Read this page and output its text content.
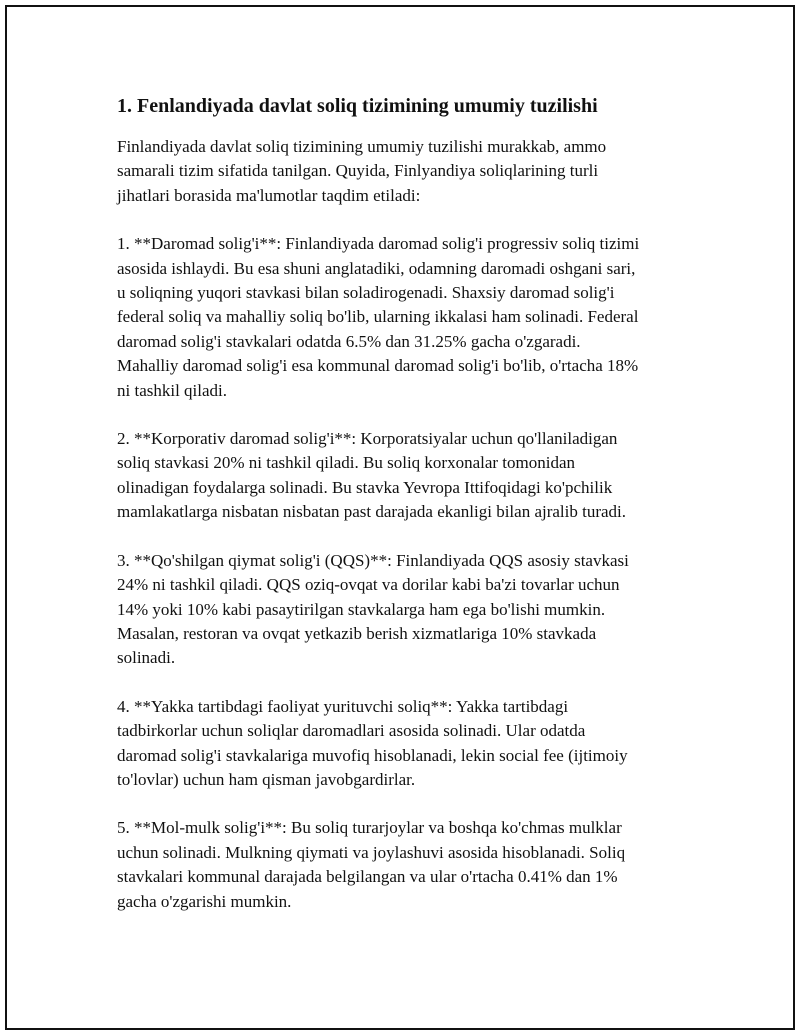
1. Fenlandiyada davlat soliq tizimining umumiy tuzilishi

Finlandiyada davlat soliq tizimining umumiy tuzilishi murakkab, ammo
samarali tizim sifatida tanilgan. Quyida, Finlyandiya soliqlarining turli
jihatlari borasida ma'lumotlar taqdim etiladi:

1. **Daromad solig'i**: Finlandiyada daromad solig'i progressiv soliq tizimi
asosida ishlaydi. Bu esa shuni anglatadiki, odamning daromadi oshgani sari,
u soliqning yuqori stavkasi bilan soladirogenadi. Shaxsiy daromad solig'i
federal soliq va mahalliy soliq bo'lib, ularning ikkalasi ham solinadi. Federal
daromad solig'i stavkalari odatda 6.5% dan 31.25% gacha o'zgaradi.
Mahalliy daromad solig'i esa kommunal daromad solig'i bo'lib, o'rtacha 18%
ni tashkil qiladi.

2. **Korporativ daromad solig'i**: Korporatsiyalar uchun qo'llaniladigan
soliq stavkasi 20% ni tashkil qiladi. Bu soliq korxonalar tomonidan
olinadigan foydalarga solinadi. Bu stavka Yevropa Ittifoqidagi ko'pchilik
mamlakatlarga nisbatan nisbatan past darajada ekanligi bilan ajralib turadi.

3. **Qo'shilgan qiymat solig'i (QQS)**: Finlandiyada QQS asosiy stavkasi
24% ni tashkil qiladi. QQS oziq-ovqat va dorilar kabi ba'zi tovarlar uchun
14% yoki 10% kabi pasaytirilgan stavkalarga ham ega bo'lishi mumkin.
Masalan, restoran va ovqat yetkazib berish xizmatlariga 10% stavkada
solinadi.

4. **Yakka tartibdagi faoliyat yurituvchi soliq**: Yakka tartibdagi
tadbirkorlar uchun soliqlar daromadlari asosida solinadi. Ular odatda
daromad solig'i stavkalariga muvofiq hisoblanadi, lekin social fee (ijtimoiy
to'lovlar) uchun ham qisman javobgardirlar.

5. **Mol-mulk solig'i**: Bu soliq turarjoylar va boshqa ko'chmas mulklar
uchun solinadi. Mulkning qiymati va joylashuvi asosida hisoblanadi. Soliq
stavkalari kommunal darajada belgilangan va ular o'rtacha 0.41% dan 1%
gacha o'zgarishi mumkin.
